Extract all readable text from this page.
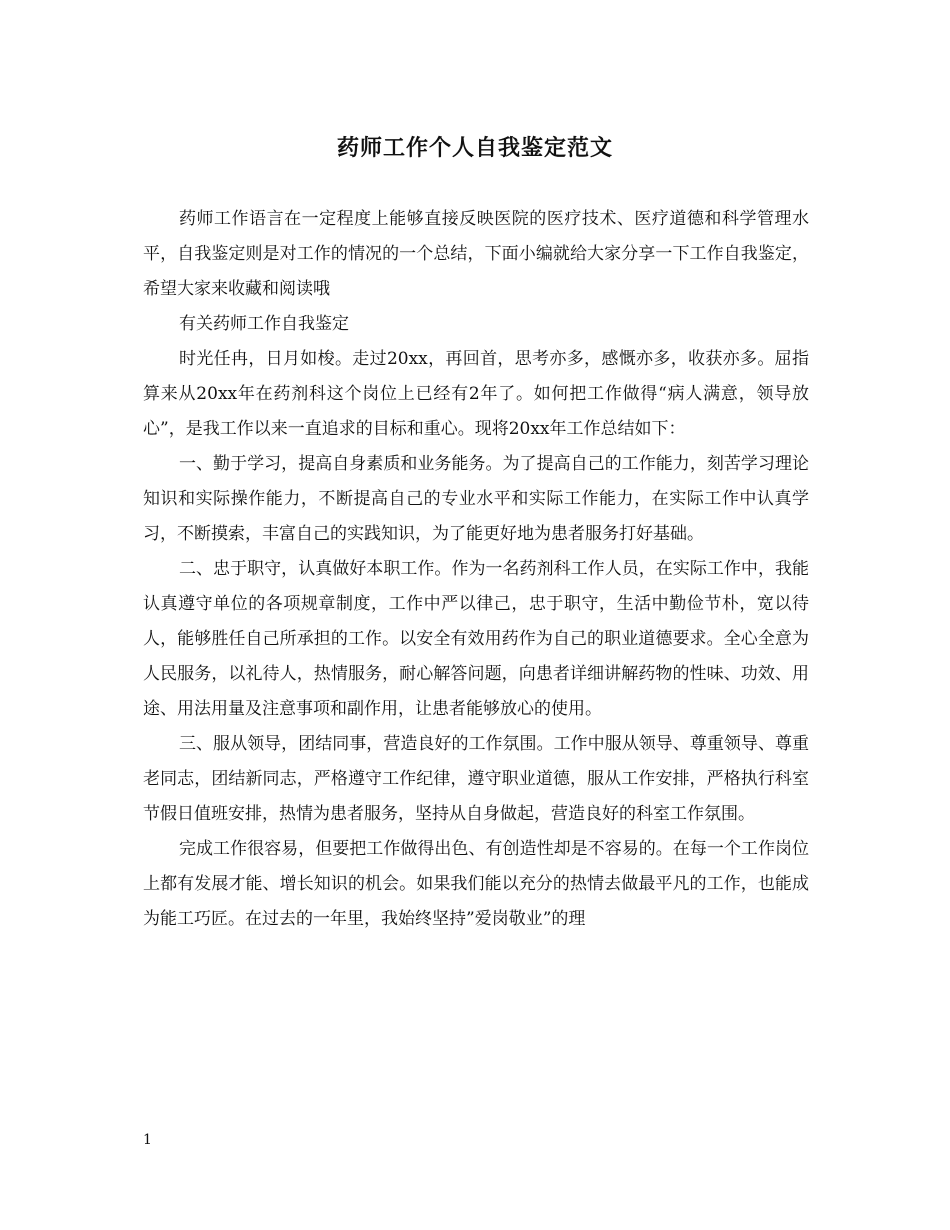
药师工作个人自我鉴定范文

药师工作语言在一定程度上能够直接反映医院的医疗技术、医疗道德和科学管理水平，自我鉴定则是对工作的情况的一个总结，下面小编就给大家分享一下工作自我鉴定，希望大家来收藏和阅读哦

有关药师工作自我鉴定

时光任冉，日月如梭。走过20xx，再回首，思考亦多，感慨亦多，收获亦多。屈指算来从20xx年在药剂科这个岗位上已经有2年了。如何把工作做得“病人满意，领导放心”，是我工作以来一直追求的目标和重心。现将20xx年工作总结如下：

一、勤于学习，提高自身素质和业务能务。为了提高自己的工作能力，刻苦学习理论知识和实际操作能力，不断提高自己的专业水平和实际工作能力，在实际工作中认真学习，不断摸索，丰富自己的实践知识，为了能更好地为患者服务打好基础。

二、忠于职守，认真做好本职工作。作为一名药剂科工作人员，在实际工作中，我能认真遵守单位的各项规章制度，工作中严以律己，忠于职守，生活中勤俭节朴，宽以待人，能够胜任自己所承担的工作。以安全有效用药作为自己的职业道德要求。全心全意为人民服务，以礼待人，热情服务，耐心解答问题，向患者详细讲解药物的性味、功效、用途、用法用量及注意事项和副作用，让患者能够放心的使用。

三、服从领导，团结同事，营造良好的工作氛围。工作中服从领导、尊重领导、尊重老同志，团结新同志，严格遵守工作纪律，遵守职业道德，服从工作安排，严格执行科室节假日值班安排，热情为患者服务，坚持从自身做起，营造良好的科室工作氛围。

完成工作很容易，但要把工作做得出色、有创造性却是不容易的。在每一个工作岗位上都有发展才能、增长知识的机会。如果我们能以充分的热情去做最平凡的工作，也能成为能工巧匠。在过去的一年里，我始终坚持”爱岗敬业”的理

1
